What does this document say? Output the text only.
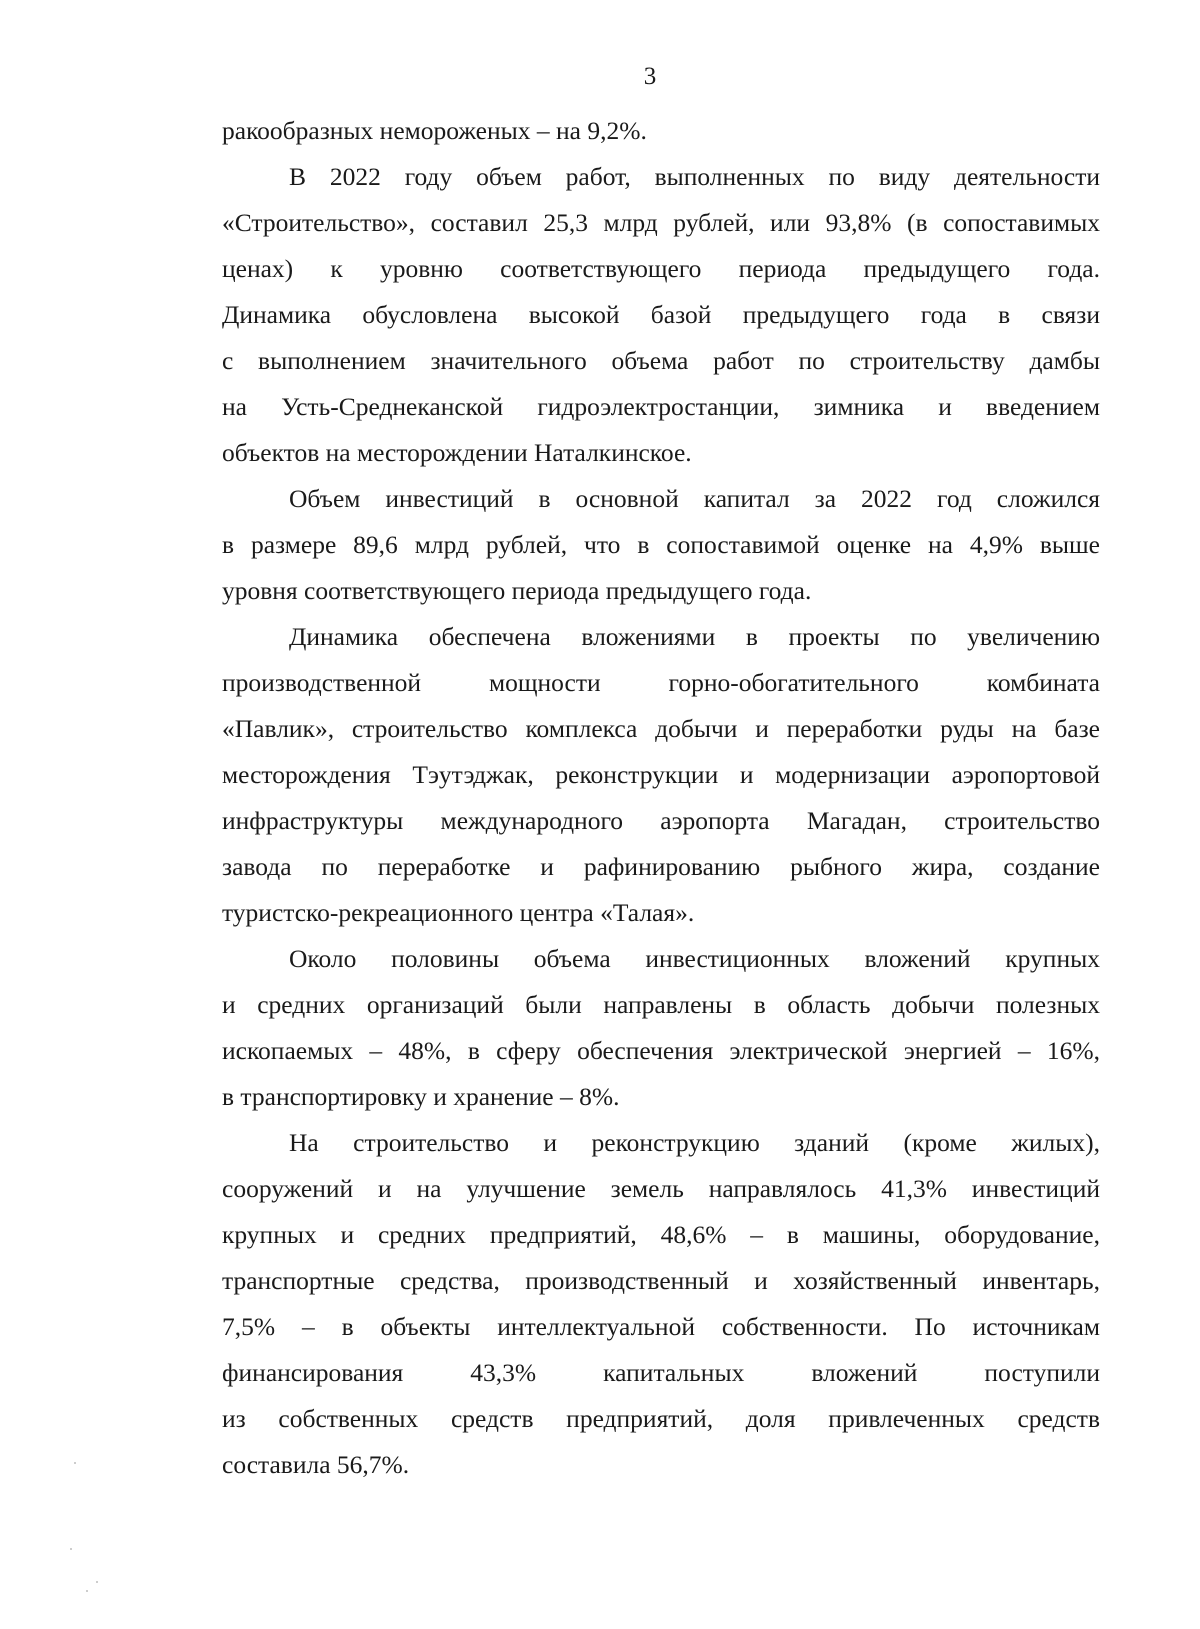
3
ракообразных немороженых – на 9,2%.
В 2022 году объем работ, выполненных по виду деятельности
«Строительство», составил 25,3 млрд рублей, или 93,8% (в сопоставимых
ценах) к уровню соответствующего периода предыдущего года.
Динамика обусловлена высокой базой предыдущего года в связи
с выполнением значительного объема работ по строительству дамбы
на Усть-Среднеканской гидроэлектростанции, зимника и введением
объектов на месторождении Наталкинское.
Объем инвестиций в основной капитал за 2022 год сложился
в размере 89,6 млрд рублей, что в сопоставимой оценке на 4,9% выше
уровня соответствующего периода предыдущего года.
Динамика обеспечена вложениями в проекты по увеличению
производственной мощности горно-обогатительного комбината
«Павлик», строительство комплекса добычи и переработки руды на базе
месторождения Тэутэджак, реконструкции и модернизации аэропортовой
инфраструктуры международного аэропорта Магадан, строительство
завода по переработке и рафинированию рыбного жира, создание
туристско-рекреационного центра «Талая».
Около половины объема инвестиционных вложений крупных
и средних организаций были направлены в область добычи полезных
ископаемых – 48%, в сферу обеспечения электрической энергией – 16%,
в транспортировку и хранение – 8%.
На строительство и реконструкцию зданий (кроме жилых),
сооружений и на улучшение земель направлялось 41,3% инвестиций
крупных и средних предприятий, 48,6% – в машины, оборудование,
транспортные средства, производственный и хозяйственный инвентарь,
7,5% – в объекты интеллектуальной собственности. По источникам
финансирования 43,3% капитальных вложений поступили
из собственных средств предприятий, доля привлеченных средств
составила 56,7%.
